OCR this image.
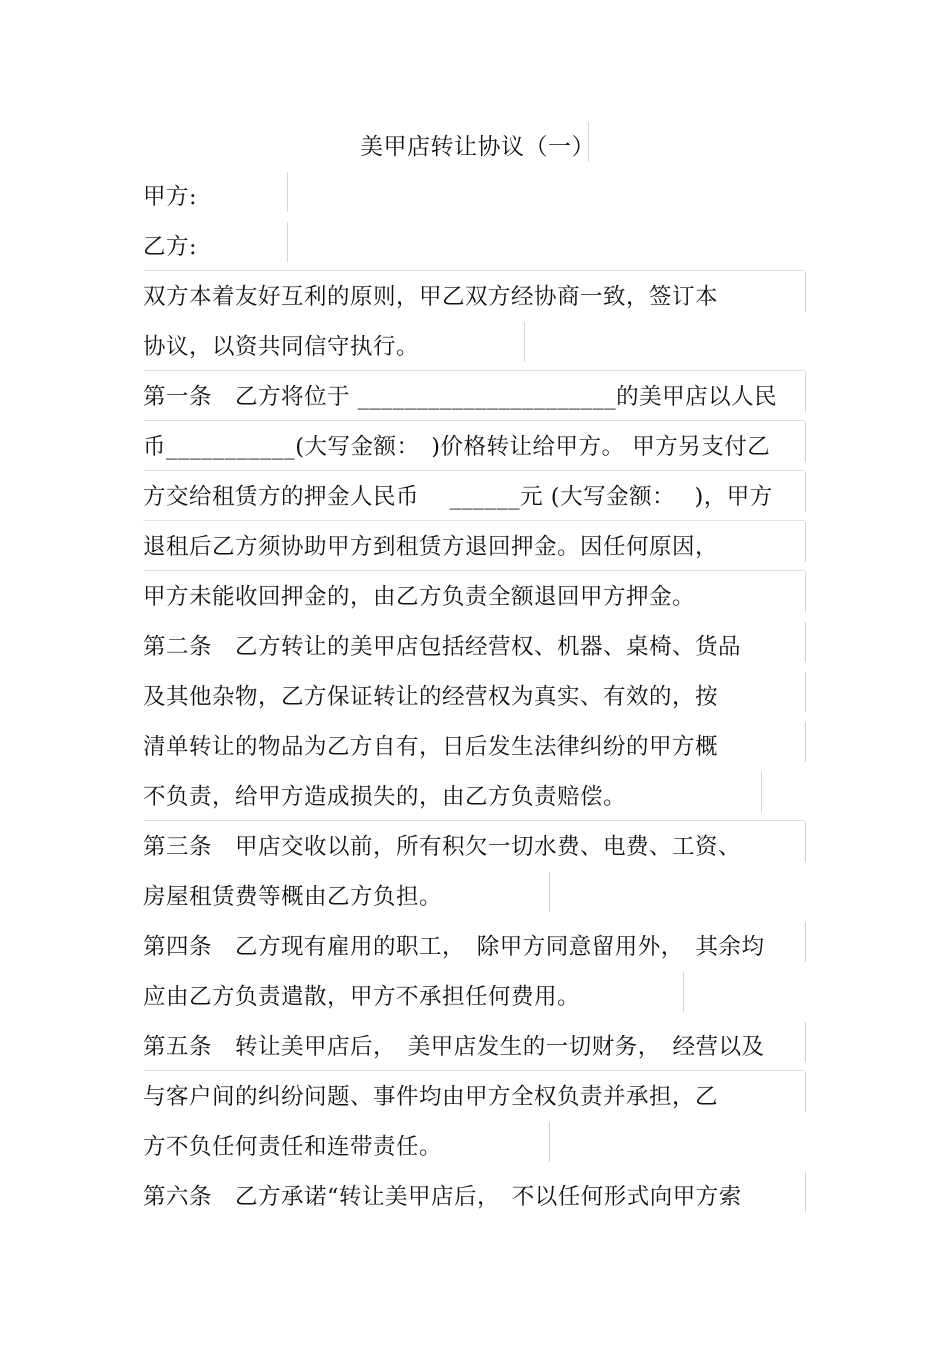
美甲店转让协议（一）
甲方:
乙方:
双方本着友好互利的原则，甲乙双方经协商一致，签订本
协议，以资共同信守执行。
第一条　乙方将位于 ______________________的美甲店以人民
币___________(大写金额：　)价格转让给甲方。 甲方另支付乙
方交给租赁方的押金人民币　 ______元 (大写金额：　 )，甲方
退租后乙方须协助甲方到租赁方退回押金。因任何原因，
甲方未能收回押金的，由乙方负责全额退回甲方押金。
第二条　乙方转让的美甲店包括经营权、机器、桌椅、货品
及其他杂物，乙方保证转让的经营权为真实、有效的，按
清单转让的物品为乙方自有，日后发生法律纠纷的甲方概
不负责，给甲方造成损失的，由乙方负责赔偿。
第三条　甲店交收以前，所有积欠一切水费、电费、工资、
房屋租赁费等概由乙方负担。
第四条　乙方现有雇用的职工，　除甲方同意留用外，　其余均
应由乙方负责遣散，甲方不承担任何费用。
第五条　转让美甲店后，　美甲店发生的一切财务，　经营以及
与客户间的纠纷问题、事件均由甲方全权负责并承担，乙
方不负任何责任和连带责任。
第六条　乙方承诺“转让美甲店后，　不以任何形式向甲方索
